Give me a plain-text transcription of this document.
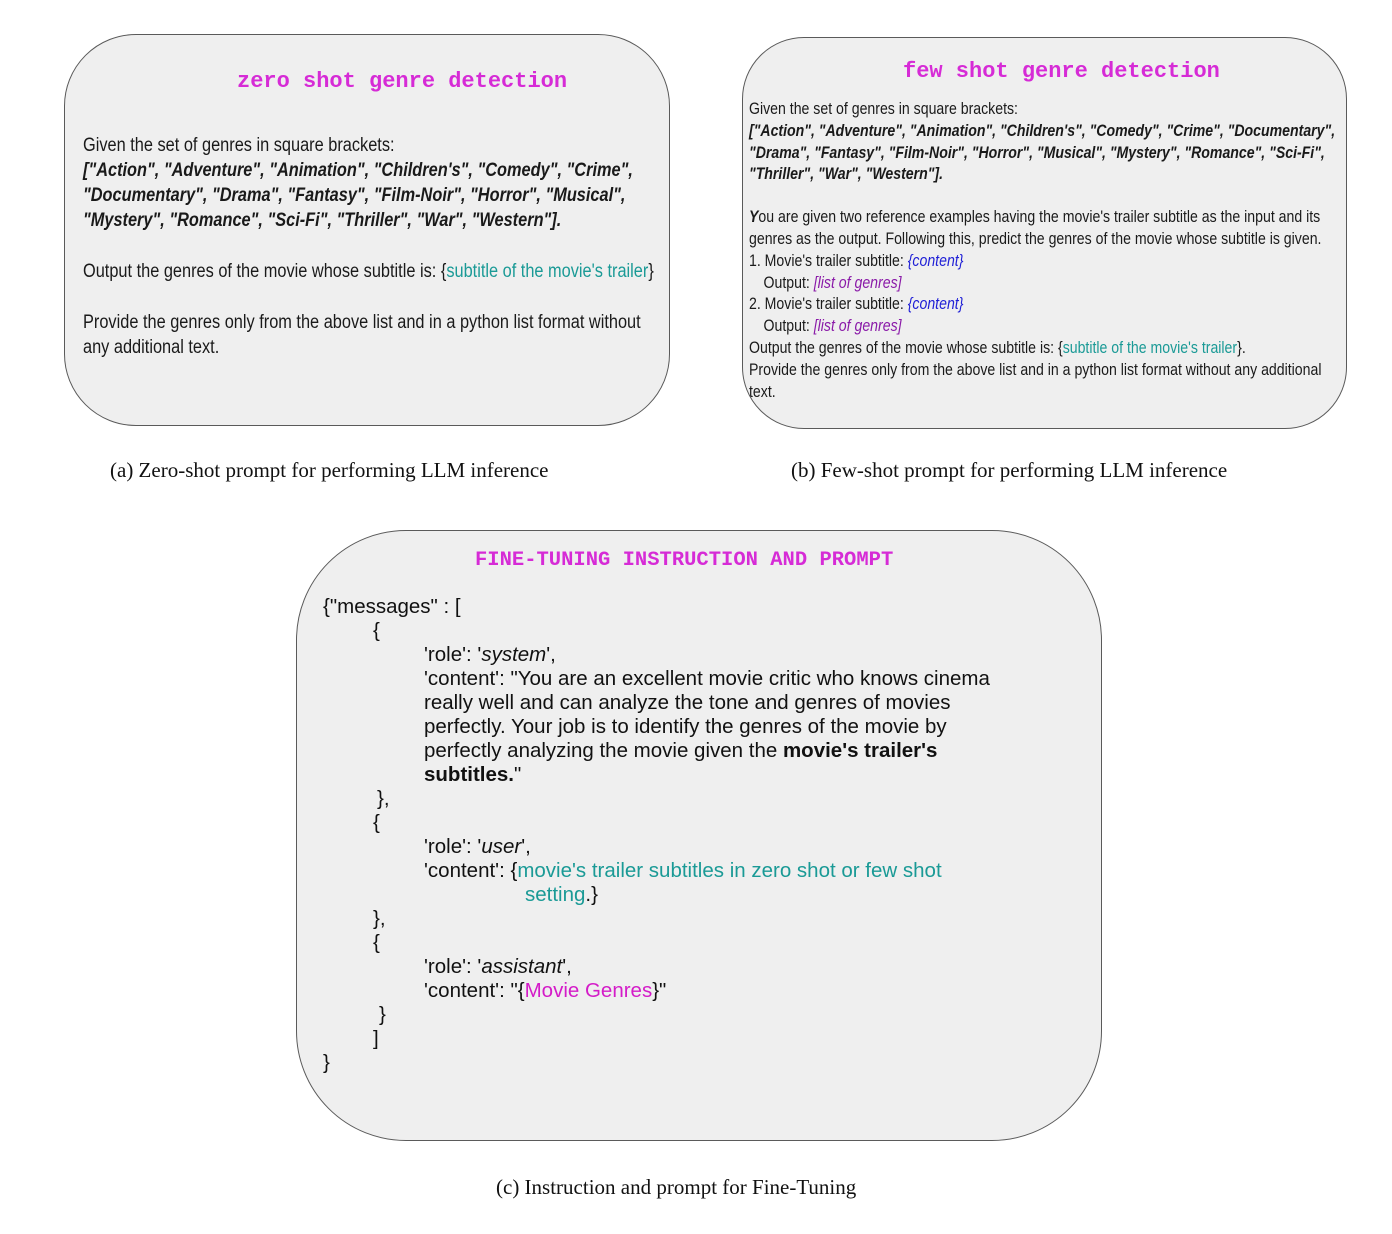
zero shot genre detection
Given the set of genres in square brackets:
["Action", "Adventure", "Animation", "Children's", "Comedy", "Crime",
"Documentary", "Drama", "Fantasy", "Film-Noir", "Horror", "Musical",
"Mystery", "Romance", "Sci-Fi", "Thriller", "War", "Western"].
Output the genres of the movie whose subtitle is: {subtitle of the movie's trailer}
Provide the genres only from the above list and in a python list format without
any additional text.
(a) Zero-shot prompt for performing LLM inference
few shot genre detection
Given the set of genres in square brackets:
["Action", "Adventure", "Animation", "Children's", "Comedy", "Crime", "Documentary",
"Drama", "Fantasy", "Film-Noir", "Horror", "Musical", "Mystery", "Romance", "Sci-Fi",
"Thriller", "War", "Western"].
You are given two reference examples having the movie's trailer subtitle as the input and its
genres as the output. Following this, predict the genres of the movie whose subtitle is given.
1. Movie's trailer subtitle: {content}
Output: [list of genres]
2. Movie's trailer subtitle: {content}
Output: [list of genres]
Output the genres of the movie whose subtitle is: {subtitle of the movie's trailer}.
Provide the genres only from the above list and in a python list format without any additional
text.
(b) Few-shot prompt for performing LLM inference
FINE-TUNING INSTRUCTION AND PROMPT
{"messages" : [
{
'role': 'system',
'content': "You are an excellent movie critic who knows cinema
really well and can analyze the tone and genres of movies
perfectly. Your job is to identify the genres of the movie by
perfectly analyzing the movie given the movie's trailer's
subtitles."
},
{
'role': 'user',
'content': {movie's trailer subtitles in zero shot or few shot
setting.}
},
{
'role': 'assistant',
'content': "{Movie Genres}"
}
]
}
(c) Instruction and prompt for Fine-Tuning
